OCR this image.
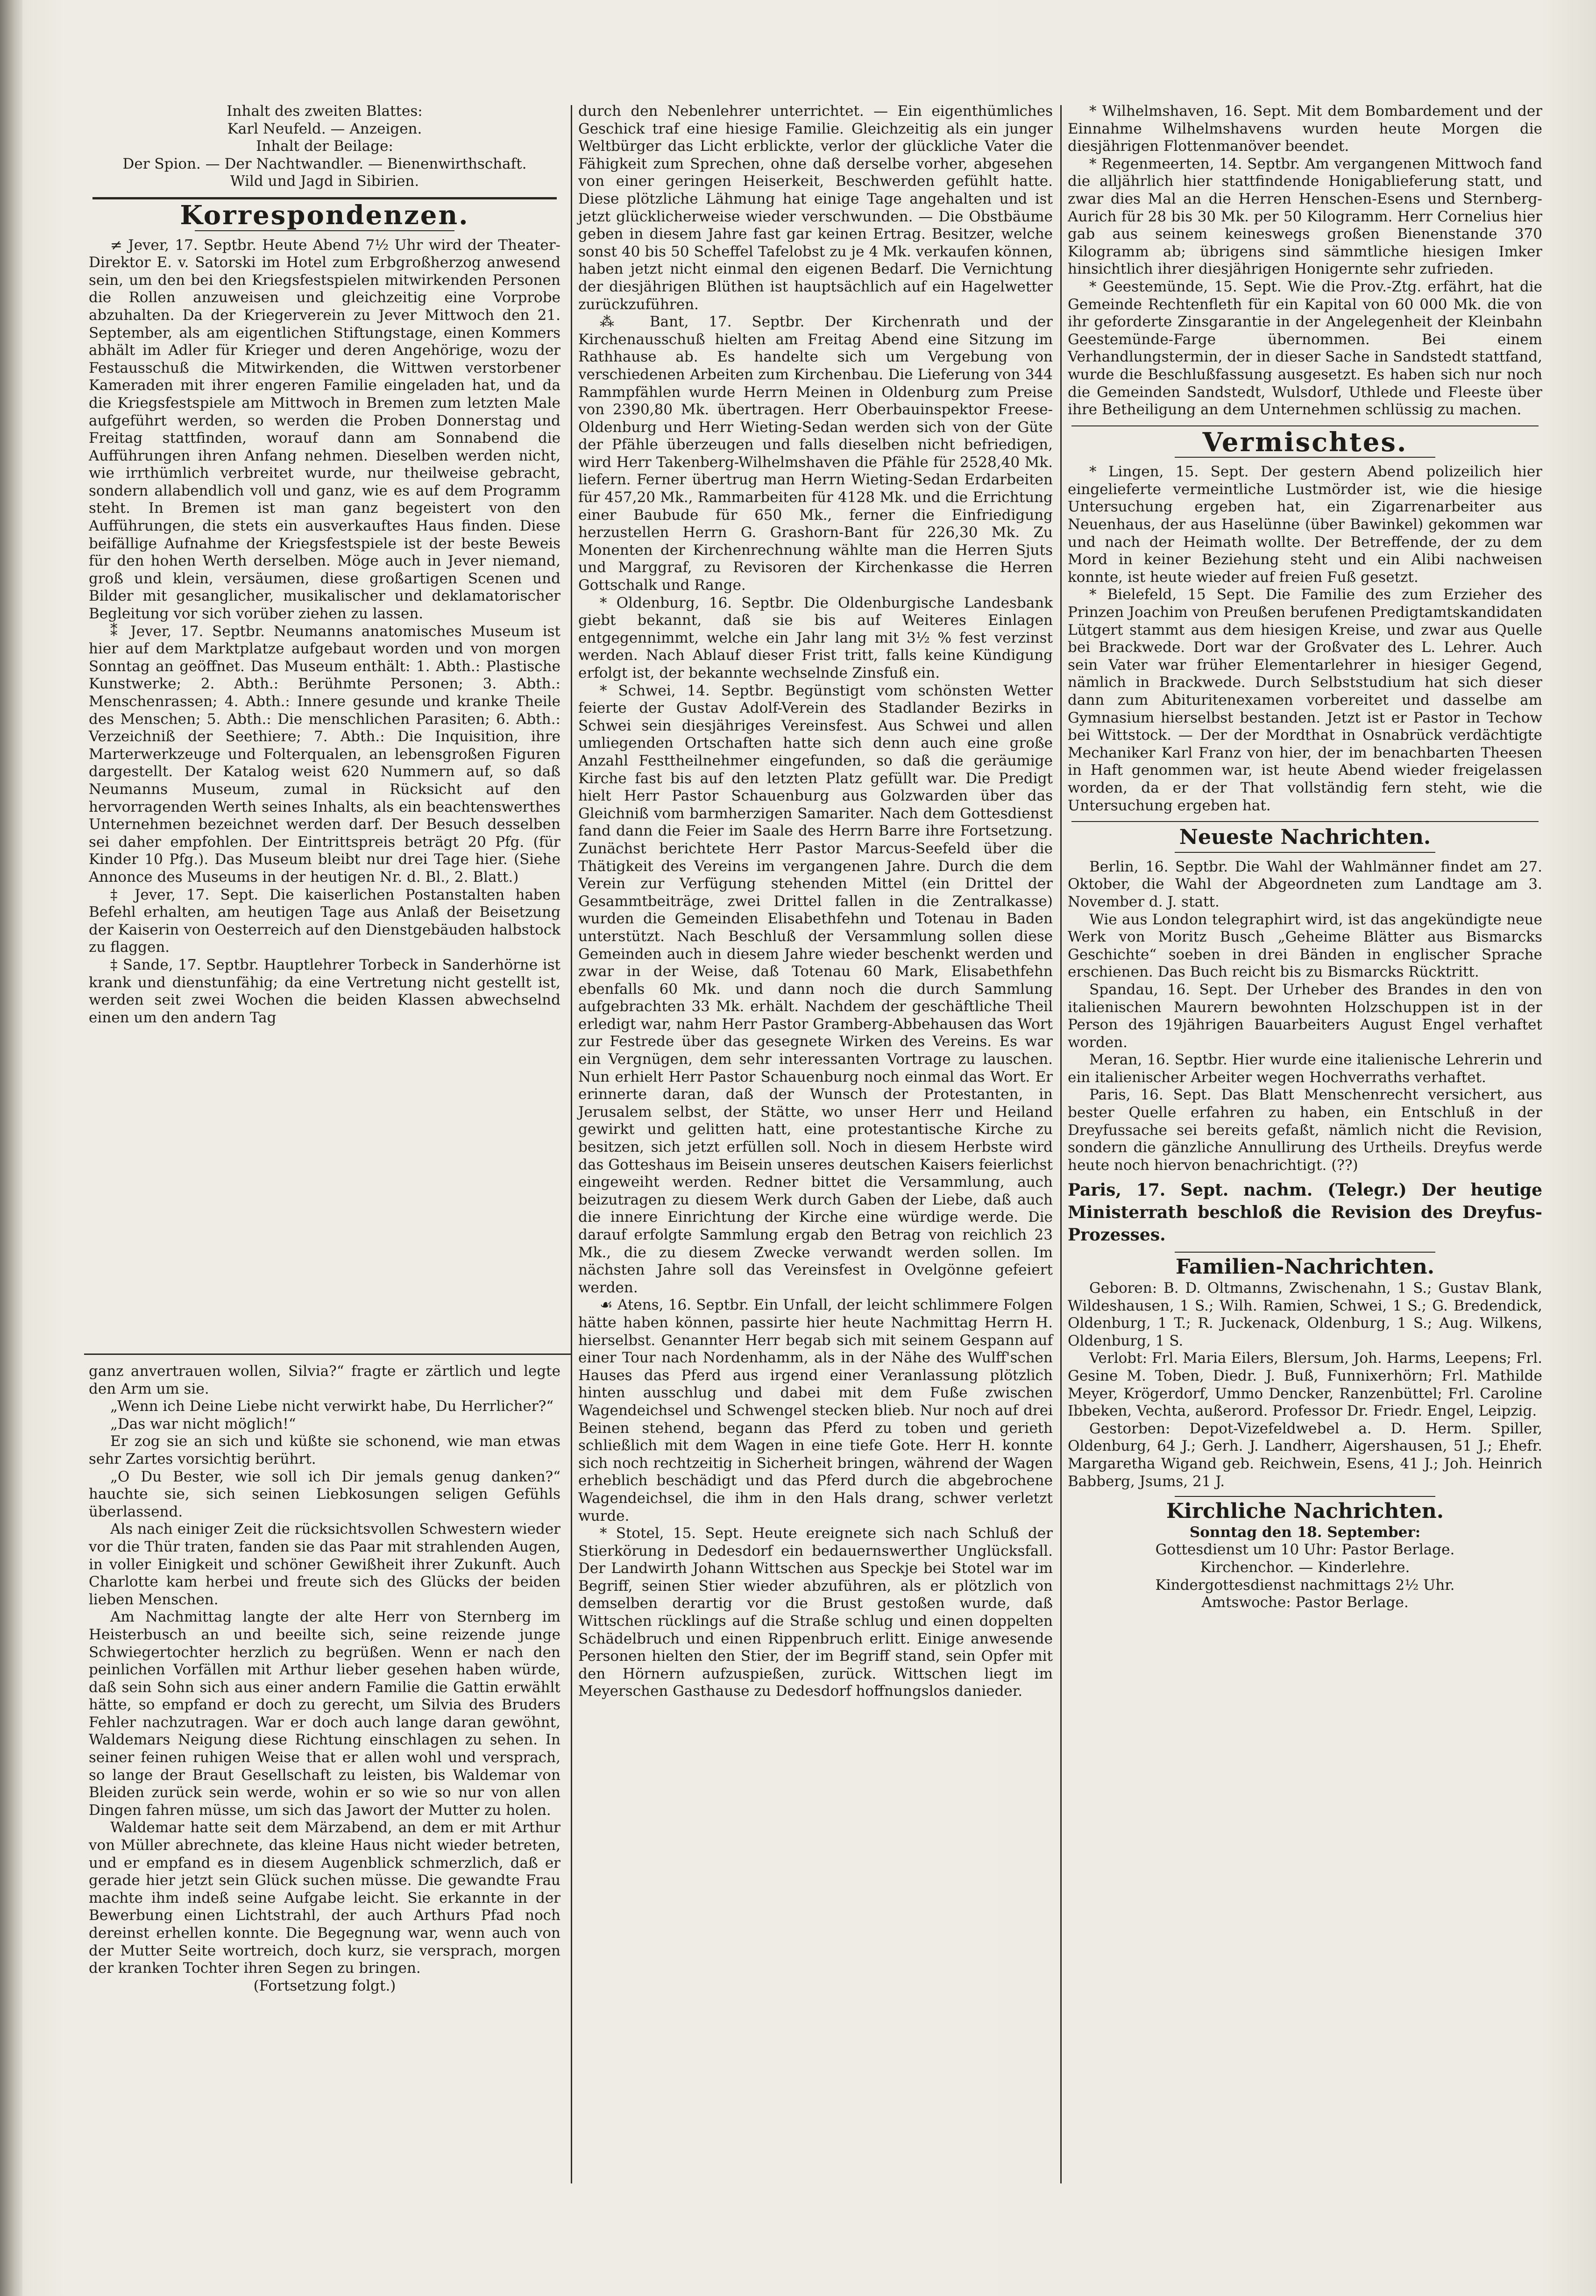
Inhalt des zweiten Blattes:
Karl Neufeld. — Anzeigen.
Inhalt der Beilage:
Der Spion. — Der Nachtwandler. — Bienenwirthschaft.
Wild und Jagd in Sibirien.
Korrespondenzen.

≠ Jever, 17. Septbr. Heute Abend 7½ Uhr wird der Theater-Direktor E. v. Satorski im Hotel zum Erbgroßherzog anwesend sein, um den bei den Kriegsfestspielen mitwirkenden Personen die Rollen anzuweisen und gleichzeitig eine Vorprobe abzuhalten. Da der Kriegerverein zu Jever Mittwoch den 21. September, als am eigentlichen Stiftungstage, einen Kommers abhält im Adler für Krieger und deren Angehörige, wozu der Festausschuß die Mitwirkenden, die Wittwen verstorbener Kameraden mit ihrer engeren Familie eingeladen hat, und da die Kriegsfestspiele am Mittwoch in Bremen zum letzten Male aufgeführt werden, so werden die Proben Donnerstag und Freitag stattfinden, worauf dann am Sonnabend die Aufführungen ihren Anfang nehmen. Dieselben werden nicht, wie irrthümlich verbreitet wurde, nur theilweise gebracht, sondern allabendlich voll und ganz, wie es auf dem Programm steht. In Bremen ist man ganz begeistert von den Aufführungen, die stets ein ausverkauftes Haus finden. Diese beifällige Aufnahme der Kriegsfestspiele ist der beste Beweis für den hohen Werth derselben. Möge auch in Jever niemand, groß und klein, versäumen, diese großartigen Scenen und Bilder mit gesanglicher, musikalischer und deklamatorischer Begleitung vor sich vorüber ziehen zu lassen.

⁑ Jever, 17. Septbr. Neumanns anatomisches Museum ist hier auf dem Marktplatze aufgebaut worden und von morgen Sonntag an geöffnet. Das Museum enthält: 1. Abth.: Plastische Kunstwerke; 2. Abth.: Berühmte Personen; 3. Abth.: Menschenrassen; 4. Abth.: Innere gesunde und kranke Theile des Menschen; 5. Abth.: Die menschlichen Parasiten; 6. Abth.: Verzeichniß der Seethiere; 7. Abth.: Die Inquisition, ihre Marterwerkzeuge und Folterqualen, an lebensgroßen Figuren dargestellt. Der Katalog weist 620 Nummern auf, so daß Neumanns Museum, zumal in Rücksicht auf den hervorragenden Werth seines Inhalts, als ein beachtenswerthes Unternehmen bezeichnet werden darf. Der Besuch desselben sei daher empfohlen. Der Eintrittspreis beträgt 20 Pfg. (für Kinder 10 Pfg.). Das Museum bleibt nur drei Tage hier. (Siehe Annonce des Museums in der heutigen Nr. d. Bl., 2. Blatt.)

‡ Jever, 17. Sept. Die kaiserlichen Postanstalten haben Befehl erhalten, am heutigen Tage aus Anlaß der Beisetzung der Kaiserin von Oesterreich auf den Dienstgebäuden halbstock zu flaggen.

‡ Sande, 17. Septbr. Hauptlehrer Torbeck in Sanderhörne ist krank und dienstunfähig; da eine Vertretung nicht gestellt ist, werden seit zwei Wochen die beiden Klassen abwechselnd einen um den andern Tag

ganz anvertrauen wollen, Silvia?“ fragte er zärtlich und legte den Arm um sie.

„Wenn ich Deine Liebe nicht verwirkt habe, Du Herrlicher?“

„Das war nicht möglich!“

Er zog sie an sich und küßte sie schonend, wie man etwas sehr Zartes vorsichtig berührt.

„O Du Bester, wie soll ich Dir jemals genug danken?“ hauchte sie, sich seinen Liebkosungen seligen Gefühls überlassend.

Als nach einiger Zeit die rücksichtsvollen Schwestern wieder vor die Thür traten, fanden sie das Paar mit strahlenden Augen, in voller Einigkeit und schöner Gewißheit ihrer Zukunft. Auch Charlotte kam herbei und freute sich des Glücks der beiden lieben Menschen.

Am Nachmittag langte der alte Herr von Sternberg im Heisterbusch an und beeilte sich, seine reizende junge Schwiegertochter herzlich zu begrüßen. Wenn er nach den peinlichen Vorfällen mit Arthur lieber gesehen haben würde, daß sein Sohn sich aus einer andern Familie die Gattin erwählt hätte, so empfand er doch zu gerecht, um Silvia des Bruders Fehler nachzutragen. War er doch auch lange daran gewöhnt, Waldemars Neigung diese Richtung einschlagen zu sehen. In seiner feinen ruhigen Weise that er allen wohl und versprach, so lange der Braut Gesellschaft zu leisten, bis Waldemar von Bleiden zurück sein werde, wohin er so wie so nur von allen Dingen fahren müsse, um sich das Jawort der Mutter zu holen.

Waldemar hatte seit dem Märzabend, an dem er mit Arthur von Müller abrechnete, das kleine Haus nicht wieder betreten, und er empfand es in diesem Augenblick schmerzlich, daß er gerade hier jetzt sein Glück suchen müsse. Die gewandte Frau machte ihm indeß seine Aufgabe leicht. Sie erkannte in der Bewerbung einen Lichtstrahl, der auch Arthurs Pfad noch dereinst erhellen konnte. Die Begegnung war, wenn auch von der Mutter Seite wortreich, doch kurz, sie versprach, morgen der kranken Tochter ihren Segen zu bringen.

(Fortsetzung folgt.)

durch den Nebenlehrer unterrichtet. — Ein eigenthümliches Geschick traf eine hiesige Familie. Gleichzeitig als ein junger Weltbürger das Licht erblickte, verlor der glückliche Vater die Fähigkeit zum Sprechen, ohne daß derselbe vorher, abgesehen von einer geringen Heiserkeit, Beschwerden gefühlt hatte. Diese plötzliche Lähmung hat einige Tage angehalten und ist jetzt glücklicherweise wieder verschwunden. — Die Obstbäume geben in diesem Jahre fast gar keinen Ertrag. Besitzer, welche sonst 40 bis 50 Scheffel Tafelobst zu je 4 Mk. verkaufen können, haben jetzt nicht einmal den eigenen Bedarf. Die Vernichtung der diesjährigen Blüthen ist hauptsächlich auf ein Hagelwetter zurückzuführen.

⁂ Bant, 17. Septbr. Der Kirchenrath und der Kirchenausschuß hielten am Freitag Abend eine Sitzung im Rathhause ab. Es handelte sich um Vergebung von verschiedenen Arbeiten zum Kirchenbau. Die Lieferung von 344 Rammpfählen wurde Herrn Meinen in Oldenburg zum Preise von 2390,80 Mk. übertragen. Herr Oberbauinspektor Freese-Oldenburg und Herr Wieting-Sedan werden sich von der Güte der Pfähle überzeugen und falls dieselben nicht befriedigen, wird Herr Takenberg-Wilhelmshaven die Pfähle für 2528,40 Mk. liefern. Ferner übertrug man Herrn Wieting-Sedan Erdarbeiten für 457,20 Mk., Rammarbeiten für 4128 Mk. und die Errichtung einer Baubude für 650 Mk., ferner die Einfriedigung herzustellen Herrn G. Grashorn-Bant für 226,30 Mk. Zu Monenten der Kirchenrechnung wählte man die Herren Sjuts und Marggraf, zu Revisoren der Kirchenkasse die Herren Gottschalk und Range.

* Oldenburg, 16. Septbr. Die Oldenburgische Landesbank giebt bekannt, daß sie bis auf Weiteres Einlagen entgegennimmt, welche ein Jahr lang mit 3½ % fest verzinst werden. Nach Ablauf dieser Frist tritt, falls keine Kündigung erfolgt ist, der bekannte wechselnde Zinsfuß ein.

* Schwei, 14. Septbr. Begünstigt vom schönsten Wetter feierte der Gustav Adolf-Verein des Stadlander Bezirks in Schwei sein diesjähriges Vereinsfest. Aus Schwei und allen umliegenden Ortschaften hatte sich denn auch eine große Anzahl Festtheilnehmer eingefunden, so daß die geräumige Kirche fast bis auf den letzten Platz gefüllt war. Die Predigt hielt Herr Pastor Schauenburg aus Golzwarden über das Gleichniß vom barmherzigen Samariter. Nach dem Gottesdienst fand dann die Feier im Saale des Herrn Barre ihre Fortsetzung. Zunächst berichtete Herr Pastor Marcus-Seefeld über die Thätigkeit des Vereins im vergangenen Jahre. Durch die dem Verein zur Verfügung stehenden Mittel (ein Drittel der Gesammtbeiträge, zwei Drittel fallen in die Zentralkasse) wurden die Gemeinden Elisabethfehn und Totenau in Baden unterstützt. Nach Beschluß der Versammlung sollen diese Gemeinden auch in diesem Jahre wieder beschenkt werden und zwar in der Weise, daß Totenau 60 Mark, Elisabethfehn ebenfalls 60 Mk. und dann noch die durch Sammlung aufgebrachten 33 Mk. erhält. Nachdem der geschäftliche Theil erledigt war, nahm Herr Pastor Gramberg-Abbehausen das Wort zur Festrede über das gesegnete Wirken des Vereins. Es war ein Vergnügen, dem sehr interessanten Vortrage zu lauschen. Nun erhielt Herr Pastor Schauenburg noch einmal das Wort. Er erinnerte daran, daß der Wunsch der Protestanten, in Jerusalem selbst, der Stätte, wo unser Herr und Heiland gewirkt und gelitten hatt, eine protestantische Kirche zu besitzen, sich jetzt erfüllen soll. Noch in diesem Herbste wird das Gotteshaus im Beisein unseres deutschen Kaisers feierlichst eingeweiht werden. Redner bittet die Versammlung, auch beizutragen zu diesem Werk durch Gaben der Liebe, daß auch die innere Einrichtung der Kirche eine würdige werde. Die darauf erfolgte Sammlung ergab den Betrag von reichlich 23 Mk., die zu diesem Zwecke verwandt werden sollen. Im nächsten Jahre soll das Vereinsfest in Ovelgönne gefeiert werden.

☙ Atens, 16. Septbr. Ein Unfall, der leicht schlimmere Folgen hätte haben können, passirte hier heute Nachmittag Herrn H. hierselbst. Genannter Herr begab sich mit seinem Gespann auf einer Tour nach Nordenhamm, als in der Nähe des Wulff'schen Hauses das Pferd aus irgend einer Veranlassung plötzlich hinten ausschlug und dabei mit dem Fuße zwischen Wagendeichsel und Schwengel stecken blieb. Nur noch auf drei Beinen stehend, begann das Pferd zu toben und gerieth schließlich mit dem Wagen in eine tiefe Gote. Herr H. konnte sich noch rechtzeitig in Sicherheit bringen, während der Wagen erheblich beschädigt und das Pferd durch die abgebrochene Wagendeichsel, die ihm in den Hals drang, schwer verletzt wurde.

* Stotel, 15. Sept. Heute ereignete sich nach Schluß der Stierkörung in Dedesdorf ein bedauernswerther Unglücksfall. Der Landwirth Johann Wittschen aus Speckje bei Stotel war im Begriff, seinen Stier wieder abzuführen, als er plötzlich von demselben derartig vor die Brust gestoßen wurde, daß Wittschen rücklings auf die Straße schlug und einen doppelten Schädelbruch und einen Rippenbruch erlitt. Einige anwesende Personen hielten den Stier, der im Begriff stand, sein Opfer mit den Hörnern aufzuspießen, zurück. Wittschen liegt im Meyerschen Gasthause zu Dedesdorf hoffnungslos danieder.

* Wilhelmshaven, 16. Sept. Mit dem Bombardement und der Einnahme Wilhelmshavens wurden heute Morgen die diesjährigen Flottenmanöver beendet.

* Regenmeerten, 14. Septbr. Am vergangenen Mittwoch fand die alljährlich hier stattfindende Honigablieferung statt, und zwar dies Mal an die Herren Henschen-Esens und Sternberg-Aurich für 28 bis 30 Mk. per 50 Kilogramm. Herr Cornelius hier gab aus seinem keineswegs großen Bienenstande 370 Kilogramm ab; übrigens sind sämmtliche hiesigen Imker hinsichtlich ihrer diesjährigen Honigernte sehr zufrieden.

* Geestemünde, 15. Sept. Wie die Prov.-Ztg. erfährt, hat die Gemeinde Rechtenfleth für ein Kapital von 60 000 Mk. die von ihr geforderte Zinsgarantie in der Angelegenheit der Kleinbahn Geestemünde-Farge übernommen. Bei einem Verhandlungstermin, der in dieser Sache in Sandstedt stattfand, wurde die Beschlußfassung ausgesetzt. Es haben sich nur noch die Gemeinden Sandstedt, Wulsdorf, Uthlede und Fleeste über ihre Betheiligung an dem Unternehmen schlüssig zu machen.

Vermischtes.

* Lingen, 15. Sept. Der gestern Abend polizeilich hier eingelieferte vermeintliche Lustmörder ist, wie die hiesige Untersuchung ergeben hat, ein Zigarrenarbeiter aus Neuenhaus, der aus Haselünne (über Bawinkel) gekommen war und nach der Heimath wollte. Der Betreffende, der zu dem Mord in keiner Beziehung steht und ein Alibi nachweisen konnte, ist heute wieder auf freien Fuß gesetzt.

* Bielefeld, 15 Sept. Die Familie des zum Erzieher des Prinzen Joachim von Preußen berufenen Predigtamtskandidaten Lütgert stammt aus dem hiesigen Kreise, und zwar aus Quelle bei Brackwede. Dort war der Großvater des L. Lehrer. Auch sein Vater war früher Elementarlehrer in hiesiger Gegend, nämlich in Brackwede. Durch Selbststudium hat sich dieser dann zum Abituritenexamen vorbereitet und dasselbe am Gymnasium hierselbst bestanden. Jetzt ist er Pastor in Techow bei Wittstock. — Der der Mordthat in Osnabrück verdächtigte Mechaniker Karl Franz von hier, der im benachbarten Theesen in Haft genommen war, ist heute Abend wieder freigelassen worden, da er der That vollständig fern steht, wie die Untersuchung ergeben hat.

Neueste Nachrichten.

Berlin, 16. Septbr. Die Wahl der Wahlmänner findet am 27. Oktober, die Wahl der Abgeordneten zum Landtage am 3. November d. J. statt.

Wie aus London telegraphirt wird, ist das angekündigte neue Werk von Moritz Busch „Geheime Blätter aus Bismarcks Geschichte“ soeben in drei Bänden in englischer Sprache erschienen. Das Buch reicht bis zu Bismarcks Rücktritt.

Spandau, 16. Sept. Der Urheber des Brandes in den von italienischen Maurern bewohnten Holzschuppen ist in der Person des 19jährigen Bauarbeiters August Engel verhaftet worden.

Meran, 16. Septbr. Hier wurde eine italienische Lehrerin und ein italienischer Arbeiter wegen Hochverraths verhaftet.

Paris, 16. Sept. Das Blatt Menschenrecht versichert, aus bester Quelle erfahren zu haben, ein Entschluß in der Dreyfussache sei bereits gefaßt, nämlich nicht die Revision, sondern die gänzliche Annullirung des Urtheils. Dreyfus werde heute noch hiervon benachrichtigt. (??)

Paris, 17. Sept. nachm. (Telegr.) Der heutige Ministerrath beschloß die Revision des Dreyfus-Prozesses.
Familien-Nachrichten.

Geboren: B. D. Oltmanns, Zwischenahn, 1 S.; Gustav Blank, Wildeshausen, 1 S.; Wilh. Ramien, Schwei, 1 S.; G. Bredendick, Oldenburg, 1 T.; R. Juckenack, Oldenburg, 1 S.; Aug. Wilkens, Oldenburg, 1 S.

Verlobt: Frl. Maria Eilers, Blersum, Joh. Harms, Leepens; Frl. Gesine M. Toben, Diedr. J. Buß, Funnixerhörn; Frl. Mathilde Meyer, Krögerdorf, Ummo Dencker, Ranzenbüttel; Frl. Caroline Ibbeken, Vechta, außerord. Professor Dr. Friedr. Engel, Leipzig.

Gestorben: Depot-Vizefeldwebel a. D. Herm. Spiller, Oldenburg, 64 J.; Gerh. J. Landherr, Aigershausen, 51 J.; Ehefr. Margaretha Wigand geb. Reichwein, Esens, 41 J.; Joh. Heinrich Babberg, Jsums, 21 J.

Kirchliche Nachrichten.
Sonntag den 18. September:
Gottesdienst um 10 Uhr: Pastor Berlage.
Kirchenchor. — Kinderlehre.
Kindergottesdienst nachmittags 2½ Uhr.
Amtswoche: Pastor Berlage.
